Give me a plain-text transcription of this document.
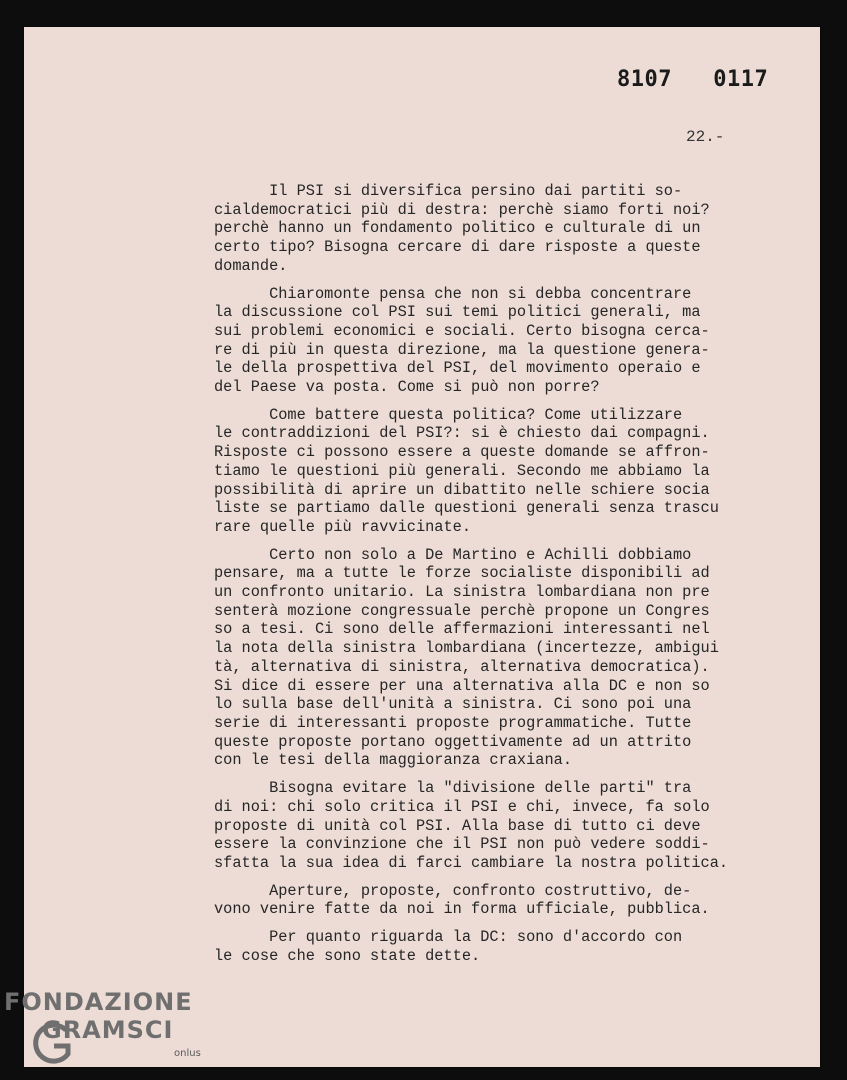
8107   0117
22.-
Il PSI si diversifica persino dai partiti so-
cialdemocratici più di destra: perchè siamo forti noi?
perchè hanno un fondamento politico e culturale di un
certo tipo? Bisogna cercare di dare risposte a queste
domande.
Chiaromonte pensa che non si debba concentrare
la discussione col PSI sui temi politici generali, ma
sui problemi economici e sociali. Certo bisogna cerca-
re di più in questa direzione, ma la questione genera-
le della prospettiva del PSI, del movimento operaio e
del Paese va posta. Come si può non porre?
Come battere questa politica? Come utilizzare
le contraddizioni del PSI?: si è chiesto dai compagni.
Risposte ci possono essere a queste domande se affron-
tiamo le questioni più generali. Secondo me abbiamo la
possibilità di aprire un dibattito nelle schiere socia
liste se partiamo dalle questioni generali senza trascu
rare quelle più ravvicinate.
Certo non solo a De Martino e Achilli dobbiamo
pensare, ma a tutte le forze socialiste disponibili ad
un confronto unitario. La sinistra lombardiana non pre
senterà mozione congressuale perchè propone un Congres
so a tesi. Ci sono delle affermazioni interessanti nel
la nota della sinistra lombardiana (incertezze, ambigui
tà, alternativa di sinistra, alternativa democratica).
Si dice di essere per una alternativa alla DC e non so
lo sulla base dell'unità a sinistra. Ci sono poi una
serie di interessanti proposte programmatiche. Tutte
queste proposte portano oggettivamente ad un attrito
con le tesi della maggioranza craxiana.
Bisogna evitare la "divisione delle parti" tra
di noi: chi solo critica il PSI e chi, invece, fa solo
proposte di unità col PSI. Alla base di tutto ci deve
essere la convinzione che il PSI non può vedere soddi-
sfatta la sua idea di farci cambiare la nostra politica.
Aperture, proposte, confronto costruttivo, de-
vono venire fatte da noi in forma ufficiale, pubblica.
Per quanto riguarda la DC: sono d'accordo con
le cose che sono state dette.
FONDAZIONE
GRAMSCI
onlus
